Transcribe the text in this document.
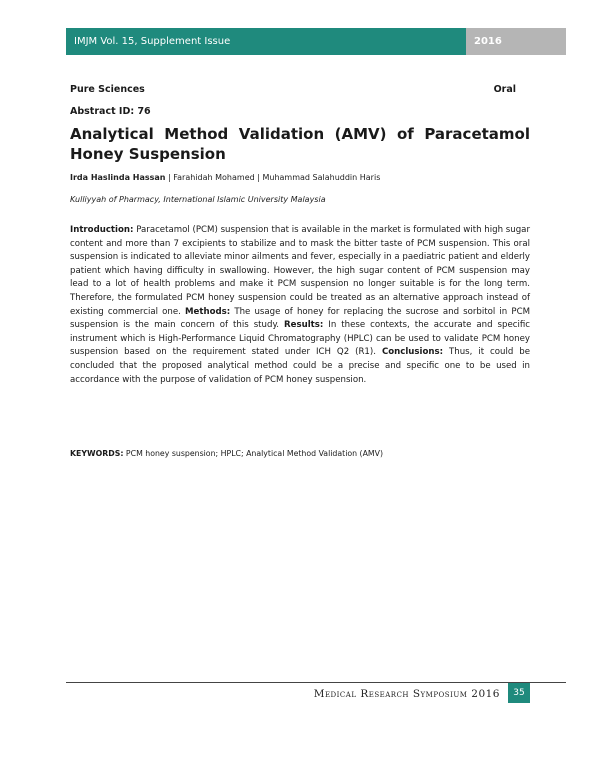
IMJM Vol. 15, Supplement Issue	2016
Pure Sciences	Oral
Abstract ID: 76
Analytical Method Validation (AMV) of Paracetamol Honey Suspension
Irda Haslinda Hassan | Farahidah Mohamed | Muhammad Salahuddin Haris
Kulliyyah of Pharmacy, International Islamic University Malaysia
Introduction: Paracetamol (PCM) suspension that is available in the market is formulated with high sugar content and more than 7 excipients to stabilize and to mask the bitter taste of PCM suspension. This oral suspension is indicated to alleviate minor ailments and fever, especially in a paediatric patient and elderly patient which having difficulty in swallowing. However, the high sugar content of PCM suspension may lead to a lot of health problems and make it PCM suspension no longer suitable is for the long term. Therefore, the formulated PCM honey suspension could be treated as an alternative approach instead of existing commercial one. Methods: The usage of honey for replacing the sucrose and sorbitol in PCM suspension is the main concern of this study. Results: In these contexts, the accurate and specific instrument which is High-Performance Liquid Chromatography (HPLC) can be used to validate PCM honey suspension based on the requirement stated under ICH Q2 (R1). Conclusions: Thus, it could be concluded that the proposed analytical method could be a precise and specific one to be used in accordance with the purpose of validation of PCM honey suspension.
KEYWORDS: PCM honey suspension; HPLC; Analytical Method Validation (AMV)
Medical Research Symposium 2016	35
